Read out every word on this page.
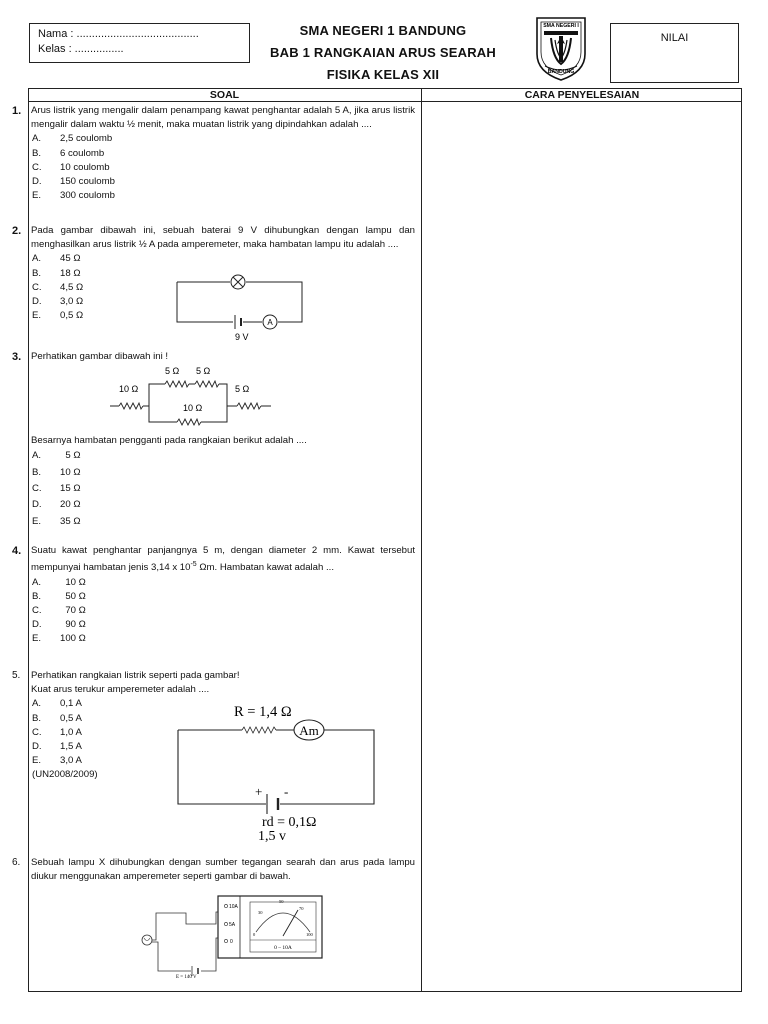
Nama : ........................................
Kelas : ................
SMA NEGERI 1 BANDUNG
BAB 1 RANGKAIAN ARUS SEARAH
FISIKA KELAS XII
SMA NEGERI I
BANDUNG
NILAI
SOAL	CARA PENYELESAIAN
1. Arus listrik yang mengalir dalam penampang kawat penghantar adalah 5 A, jika arus listrik mengalir dalam waktu ½ menit, maka muatan listrik yang dipindahkan adalah ....
A.	2,5 coulomb
B.	6 coulomb
C.	10 coulomb
D.	150 coulomb
E.	300 coulomb
2. Pada gambar dibawah ini, sebuah baterai 9 V dihubungkan dengan lampu dan menghasilkan arus listrik ½ A pada amperemeter, maka hambatan lampu itu adalah ....
A.	45 Ω
B.	18 Ω
C.	4,5 Ω
D.	3,0 Ω
E.	0,5 Ω
A
9 V
3. Perhatikan gambar dibawah ini !
5 Ω 5 Ω
10 Ω
10 Ω
5 Ω
Besarnya hambatan pengganti pada rangkaian berikut adalah ....
A.	5 Ω
B.	10 Ω
C.	15 Ω
D.	20 Ω
E.	35 Ω
4. Suatu kawat penghantar panjangnya 5 m, dengan diameter 2 mm. Kawat tersebut mempunyai hambatan jenis 3,14 x $10^{-5}$ Ωm. Hambatan kawat adalah ...
A.	10 Ω
B.	50 Ω
C.	70 Ω
D.	90 Ω
E.	100 Ω
5. Perhatikan rangkaian listrik seperti pada gambar!
Kuat arus terukur amperemeter adalah ....
A.	0,1 A
B.	0,5 A
C.	1,0 A
D.	1,5 A
E.	3,0 A
(UN2008/2009)
Am
R = 1,4 Ω
+ -
rd = 0,1Ω
1,5 v
6. Sebuah lampu X dihubungkan dengan sumber tegangan searah dan arus pada lampu diukur menggunakan amperemeter seperti gambar di bawah.
10A
5A
0
0
30
50
70
100
0 – 10A
E = 140 V
